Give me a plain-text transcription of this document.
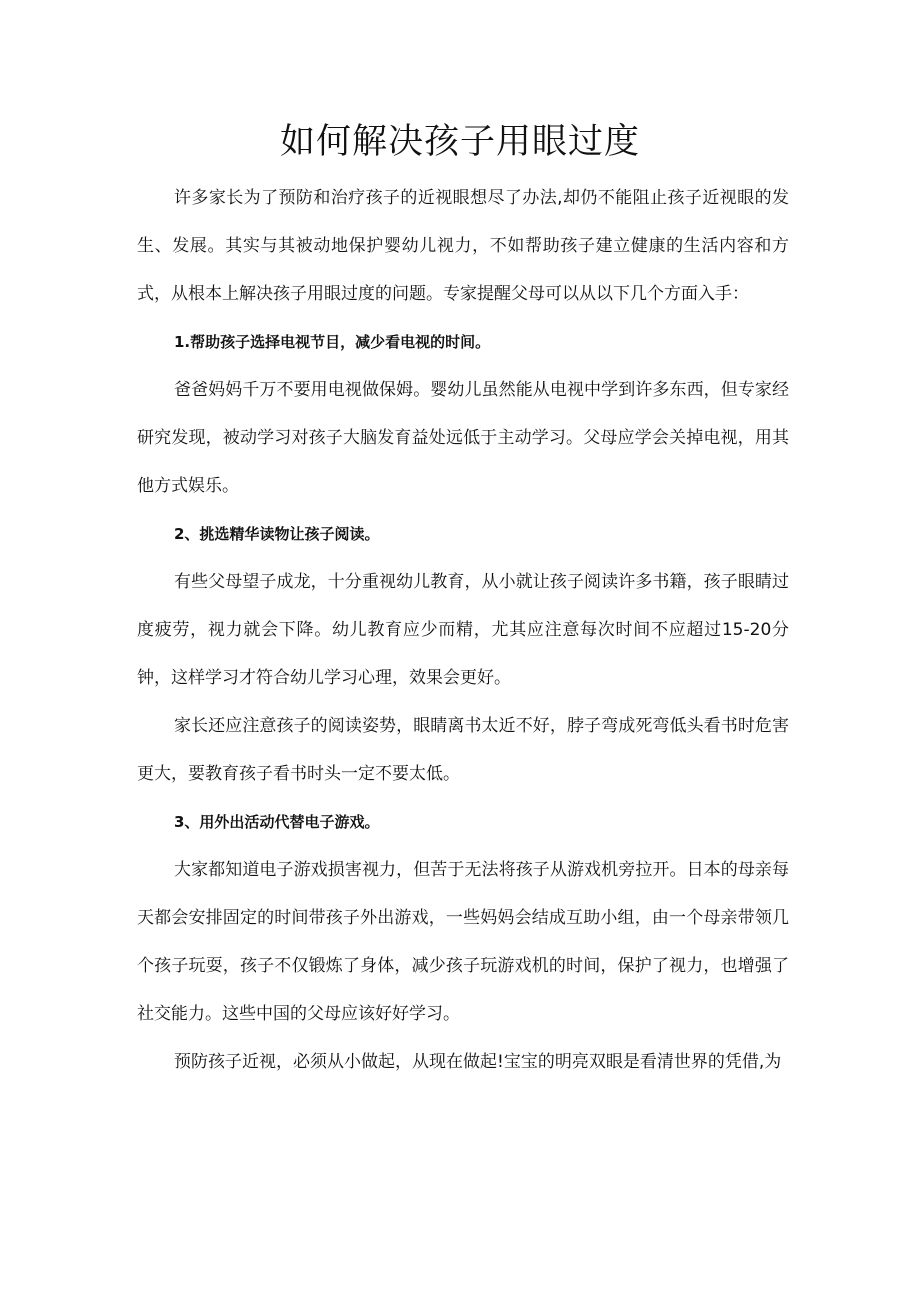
如何解决孩子用眼过度

许多家长为了预防和治疗孩子的近视眼想尽了办法,却仍不能阻止孩子近视眼的发生、发展。其实与其被动地保护婴幼儿视力，不如帮助孩子建立健康的生活内容和方式，从根本上解决孩子用眼过度的问题。专家提醒父母可以从以下几个方面入手：

1.帮助孩子选择电视节目，减少看电视的时间。

爸爸妈妈千万不要用电视做保姆。婴幼儿虽然能从电视中学到许多东西，但专家经研究发现，被动学习对孩子大脑发育益处远低于主动学习。父母应学会关掉电视，用其他方式娱乐。

2、挑选精华读物让孩子阅读。

有些父母望子成龙，十分重视幼儿教育，从小就让孩子阅读许多书籍，孩子眼睛过度疲劳，视力就会下降。幼儿教育应少而精，尤其应注意每次时间不应超过15-20分钟，这样学习才符合幼儿学习心理，效果会更好。

家长还应注意孩子的阅读姿势，眼睛离书太近不好，脖子弯成死弯低头看书时危害更大，要教育孩子看书时头一定不要太低。

3、用外出活动代替电子游戏。

大家都知道电子游戏损害视力，但苦于无法将孩子从游戏机旁拉开。日本的母亲每天都会安排固定的时间带孩子外出游戏，一些妈妈会结成互助小组，由一个母亲带领几个孩子玩耍，孩子不仅锻炼了身体，减少孩子玩游戏机的时间，保护了视力，也增强了社交能力。这些中国的父母应该好好学习。

预防孩子近视，必须从小做起，从现在做起!宝宝的明亮双眼是看清世界的凭借,为
